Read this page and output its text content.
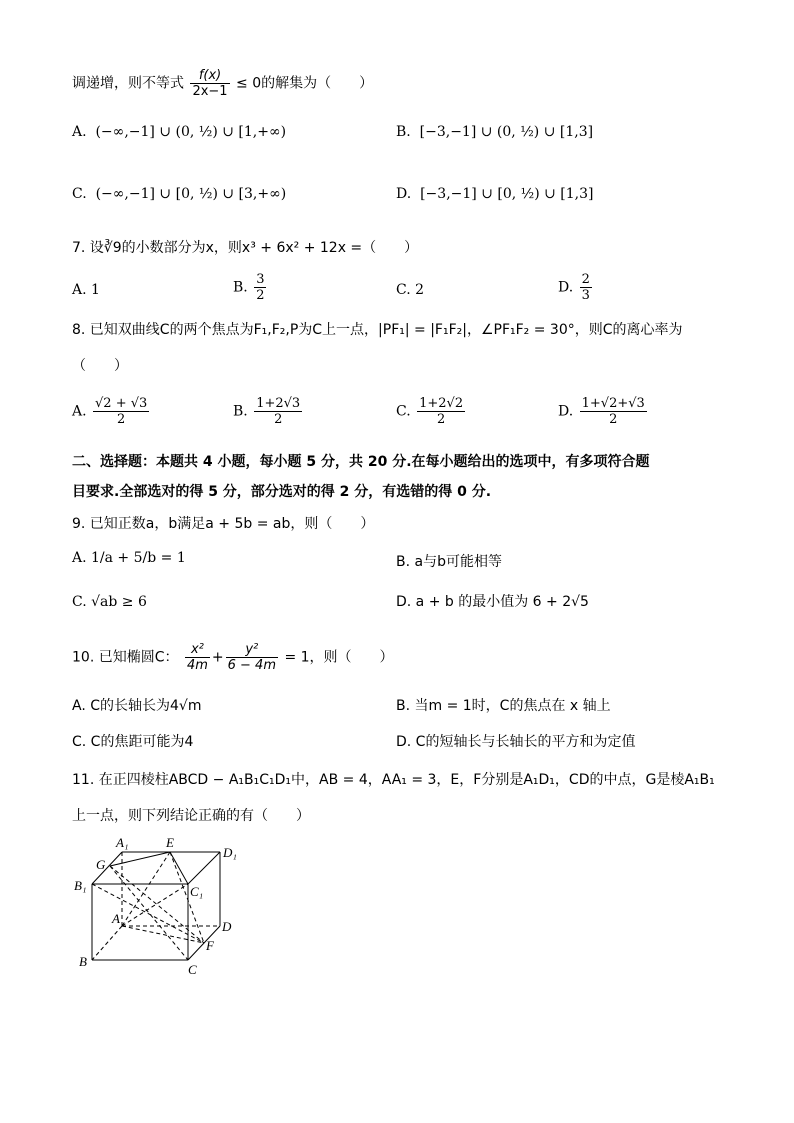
调递增，则不等式 $\frac{f(x)}{2x-1} \le 0$的解集为（　　）
A. (−∞,−1] ∪ (0, ½) ∪ [1,+∞)	B. [−3,−1] ∪ (0, ½) ∪ [1,3]
C. (−∞,−1] ∪ [0, ½) ∪ [3,+∞)	D. [−3,−1] ∪ [0, ½) ∪ [1,3]
7. 设∛9的小数部分为x，则x³ + 6x² + 12x =（　　）
A. 1	B. $\frac{3}{2}$	C. 2	D. $\frac{2}{3}$
8. 已知双曲线C的两个焦点为F₁,F₂,P为C上一点，|PF₁| = |F₁F₂|，∠PF₁F₂ = 30°，则C的离心率为
（　　）
A. $\frac{√2 + √3}{2}$	B. $\frac{1+2√3}{2}$	C. $\frac{1+2√2}{2}$	D. $\frac{1+√2+√3}{2}$
二、选择题：本题共 4 小题，每小题 5 分，共 20 分.在每小题给出的选项中，有多项符合题
目要求.全部选对的得 5 分，部分选对的得 2 分，有选错的得 0 分.
9. 已知正数a，b满足a + 5b = ab，则（　　）
A. 1/a + 5/b = 1	B. a与b可能相等
C. √ab ≥ 6	D. a + b 的最小值为 6 + 2√5
10. 已知椭圆C： $\frac{\text{x²}}{4m} + \frac{\text{y²}}{6 - 4m} = 1$，则（　　）
A. C的长轴长为4√m	B. 当m = 1时，C的焦点在 x 轴上
C. C的焦距可能为4	D. C的短轴长与长轴长的平方和为定值
11. 在正四棱柱ABCD − A₁B₁C₁D₁中，AB = 4，AA₁ = 3，E，F分别是A₁D₁，CD的中点，G是棱A₁B₁
上一点，则下列结论正确的有（　　）
A₁	E
D₁
G
B₁	C₁
A
D
F
B
C
